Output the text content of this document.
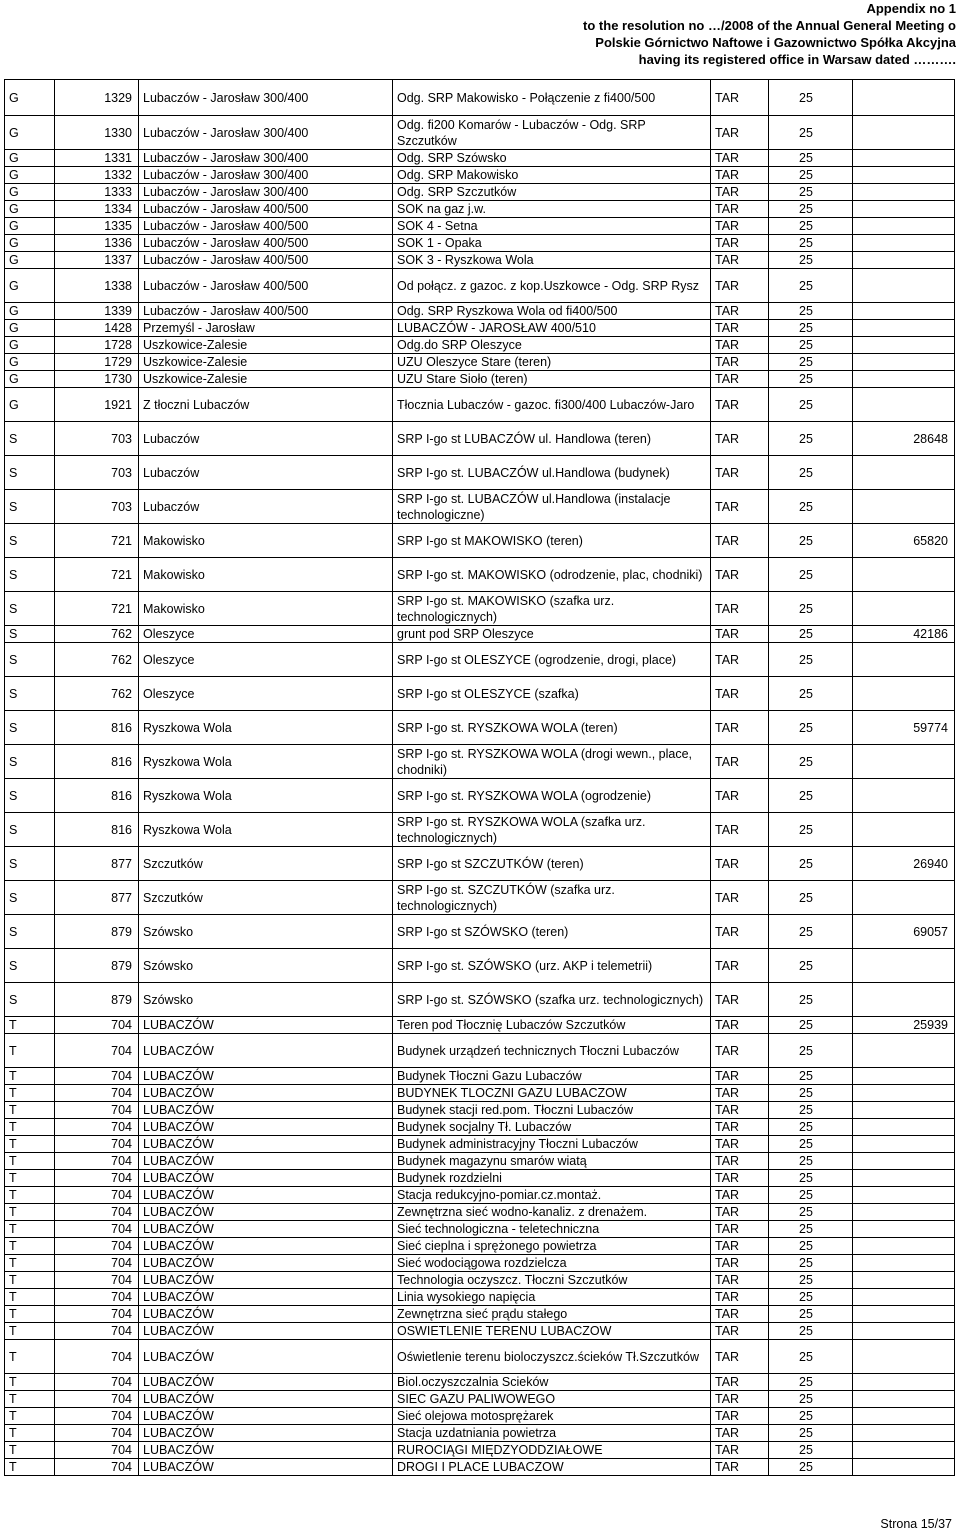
Appendix no 1
to the resolution no …/2008 of the Annual General Meeting o
Polskie Górnictwo Naftowe i Gazownictwo Spółka Akcyjna
having its registered office in Warsaw dated ……….
G	1329	Lubaczów - Jarosław 300/400	Odg. SRP Makowisko - Połączenie z fi400/500	TAR	25	
G	1330	Lubaczów - Jarosław 300/400	Odg. fi200 Komarów - Lubaczów - Odg. SRP Szczutków	TAR	25	
G	1331	Lubaczów - Jarosław 300/400	Odg. SRP Szówsko	TAR	25	
G	1332	Lubaczów - Jarosław 300/400	Odg. SRP Makowisko	TAR	25	
G	1333	Lubaczów - Jarosław 300/400	Odg. SRP Szczutków	TAR	25	
G	1334	Lubaczów - Jarosław 400/500	SOK na gaz j.w.	TAR	25	
G	1335	Lubaczów - Jarosław 400/500	SOK 4 - Setna	TAR	25	
G	1336	Lubaczów - Jarosław 400/500	SOK 1 - Opaka	TAR	25	
G	1337	Lubaczów - Jarosław 400/500	SOK 3 - Ryszkowa Wola	TAR	25	
G	1338	Lubaczów - Jarosław 400/500	Od połącz. z gazoc. z kop.Uszkowce - Odg. SRP Rysz	TAR	25	
G	1339	Lubaczów - Jarosław 400/500	Odg. SRP Ryszkowa Wola od fi400/500	TAR	25	
G	1428	Przemyśl - Jarosław	LUBACZÓW - JAROSŁAW 400/510	TAR	25	
G	1728	Uszkowice-Zalesie	Odg.do SRP Oleszyce	TAR	25	
G	1729	Uszkowice-Zalesie	UZU Oleszyce Stare (teren)	TAR	25	
G	1730	Uszkowice-Zalesie	UZU Stare Sioło (teren)	TAR	25	
G	1921	Z tłoczni Lubaczów	Tłocznia Lubaczów - gazoc. fi300/400 Lubaczów-Jaro	TAR	25	
S	703	Lubaczów	SRP I-go st LUBACZÓW ul. Handlowa (teren)	TAR	25	28648
S	703	Lubaczów	SRP I-go st. LUBACZÓW ul.Handlowa (budynek)	TAR	25	
S	703	Lubaczów	SRP I-go st. LUBACZÓW ul.Handlowa (instalacje technologiczne)	TAR	25	
S	721	Makowisko	SRP I-go st MAKOWISKO (teren)	TAR	25	65820
S	721	Makowisko	SRP I-go st. MAKOWISKO (odrodzenie, plac, chodniki)	TAR	25	
S	721	Makowisko	SRP I-go st. MAKOWISKO (szafka urz. technologicznych)	TAR	25	
S	762	Oleszyce	grunt pod SRP Oleszyce	TAR	25	42186
S	762	Oleszyce	SRP I-go st OLESZYCE (ogrodzenie, drogi, place)	TAR	25	
S	762	Oleszyce	SRP I-go st OLESZYCE (szafka)	TAR	25	
S	816	Ryszkowa Wola	SRP I-go st. RYSZKOWA WOLA (teren)	TAR	25	59774
S	816	Ryszkowa Wola	SRP I-go st. RYSZKOWA WOLA (drogi wewn., place, chodniki)	TAR	25	
S	816	Ryszkowa Wola	SRP I-go st. RYSZKOWA WOLA (ogrodzenie)	TAR	25	
S	816	Ryszkowa Wola	SRP I-go st. RYSZKOWA WOLA (szafka urz. technologicznych)	TAR	25	
S	877	Szczutków	SRP I-go st SZCZUTKÓW (teren)	TAR	25	26940
S	877	Szczutków	SRP I-go st. SZCZUTKÓW (szafka urz. technologicznych)	TAR	25	
S	879	Szówsko	SRP I-go st SZÓWSKO (teren)	TAR	25	69057
S	879	Szówsko	SRP I-go st. SZÓWSKO (urz. AKP i telemetrii)	TAR	25	
S	879	Szówsko	SRP I-go st. SZÓWSKO (szafka urz. technologicznych)	TAR	25	
T	704	LUBACZÓW	Teren pod Tłocznię Lubaczów Szczutków	TAR	25	25939
T	704	LUBACZÓW	Budynek urządzeń technicznych Tłoczni Lubaczów	TAR	25	
T	704	LUBACZÓW	Budynek Tłoczni Gazu Lubaczów	TAR	25	
T	704	LUBACZÓW	BUDYNEK TLOCZNI GAZU LUBACZOW	TAR	25	
T	704	LUBACZÓW	Budynek stacji red.pom. Tłoczni Lubaczów	TAR	25	
T	704	LUBACZÓW	Budynek socjalny Tł. Lubaczów	TAR	25	
T	704	LUBACZÓW	Budynek administracyjny Tłoczni Lubaczów	TAR	25	
T	704	LUBACZÓW	Budynek magazynu smarów wiatą	TAR	25	
T	704	LUBACZÓW	Budynek rozdzielni	TAR	25	
T	704	LUBACZÓW	Stacja redukcyjno-pomiar.cz.montaż.	TAR	25	
T	704	LUBACZÓW	Zewnętrzna sieć wodno-kanaliz. z drenażem.	TAR	25	
T	704	LUBACZÓW	Sieć technologiczna - teletechniczna	TAR	25	
T	704	LUBACZÓW	Sieć cieplna i sprężonego powietrza	TAR	25	
T	704	LUBACZÓW	Sieć wodociągowa rozdzielcza	TAR	25	
T	704	LUBACZÓW	Technologia oczyszcz. Tłoczni Szczutków	TAR	25	
T	704	LUBACZÓW	Linia wysokiego napięcia	TAR	25	
T	704	LUBACZÓW	Zewnętrzna sieć prądu stałego	TAR	25	
T	704	LUBACZÓW	OSWIETLENIE TERENU LUBACZOW	TAR	25	
T	704	LUBACZÓW	Oświetlenie terenu bioloczyszcz.ścieków Tł.Szczutków	TAR	25	
T	704	LUBACZÓW	Biol.oczyszczalnia Scieków	TAR	25	
T	704	LUBACZÓW	SIEC GAZU PALIWOWEGO	TAR	25	
T	704	LUBACZÓW	Sieć olejowa motosprężarek	TAR	25	
T	704	LUBACZÓW	Stacja uzdatniania powietrza	TAR	25	
T	704	LUBACZÓW	RUROCIĄGI MIĘDZYODDZIAŁOWE	TAR	25	
T	704	LUBACZÓW	DROGI I PLACE LUBACZOW	TAR	25	
Strona 15/37
